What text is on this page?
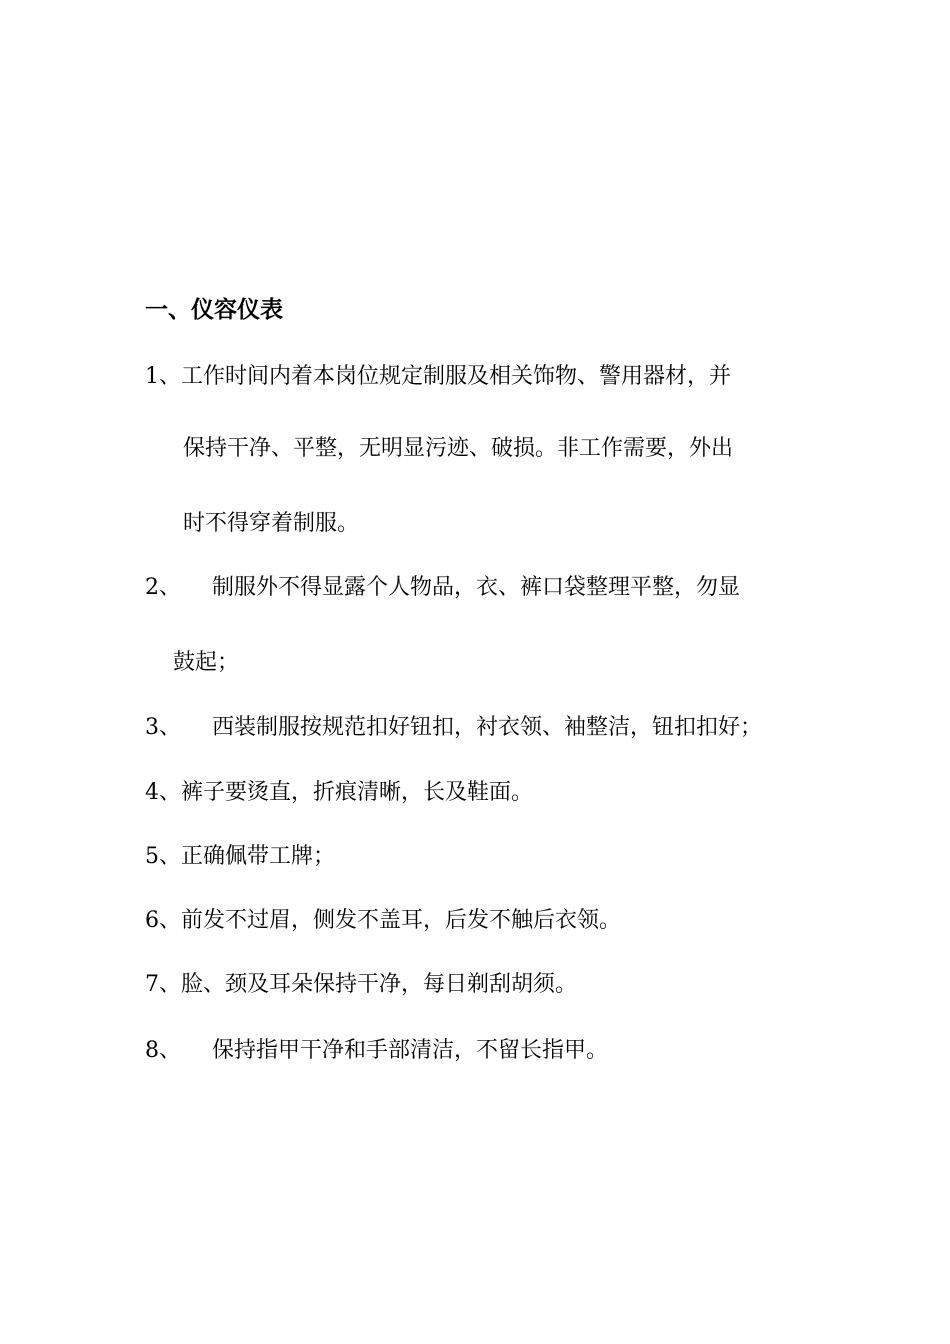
一、仪容仪表
1、工作时间内着本岗位规定制服及相关饰物、警用器材，并
保持干净、平整，无明显污迹、破损。非工作需要，外出
时不得穿着制服。
2、 制服外不得显露个人物品，衣、裤口袋整理平整，勿显
鼓起；
3、 西装制服按规范扣好钮扣，衬衣领、袖整洁，钮扣扣好；
4、裤子要烫直，折痕清晰，长及鞋面。
5、正确佩带工牌；
6、前发不过眉，侧发不盖耳，后发不触后衣领。
7、脸、颈及耳朵保持干净，每日剃刮胡须。
8、 保持指甲干净和手部清洁，不留长指甲。
